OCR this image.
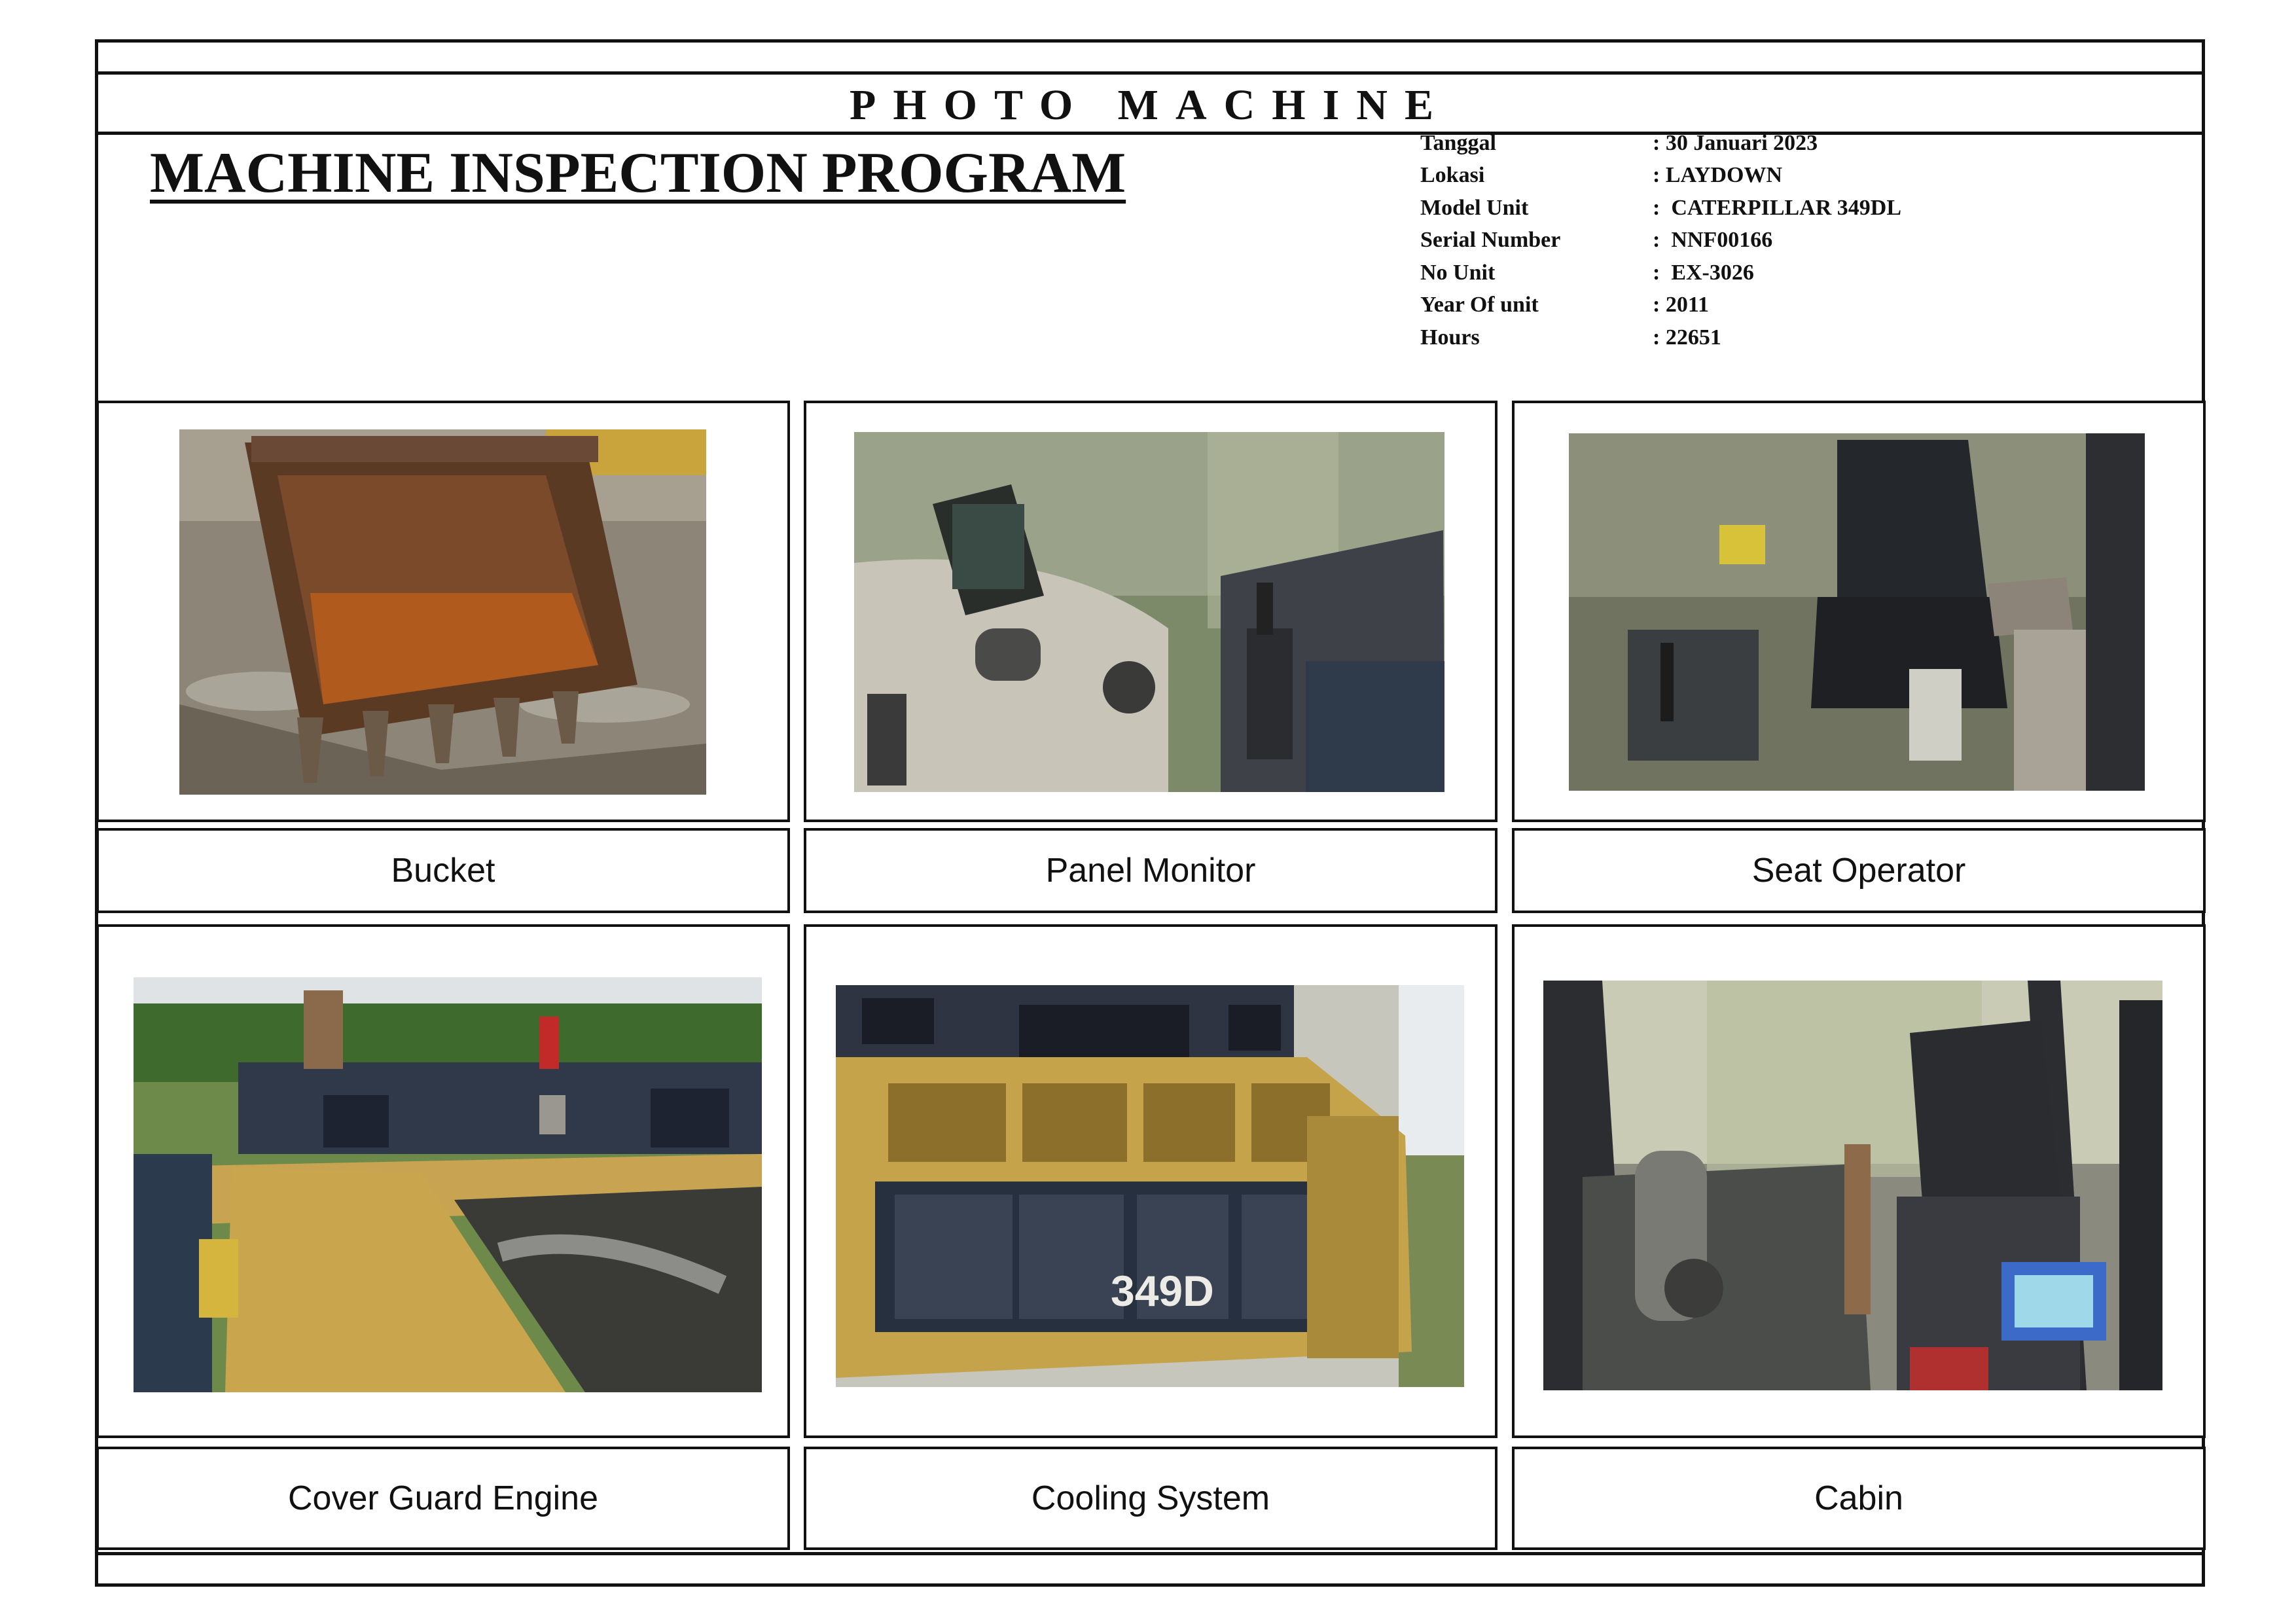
PHOTO MACHINE
MACHINE INSPECTION PROGRAM	Tanggal	: 30 Januari 2023
Lokasi	: LAYDOWN
Model Unit	:  CATERPILLAR 349DL
Serial Number	:  NNF00166
No Unit	:  EX-3026
Year Of unit	: 2011
Hours	: 22651
Bucket	Panel Monitor	Seat Operator
Cover Guard Engine	Cooling System	Cabin
349D
